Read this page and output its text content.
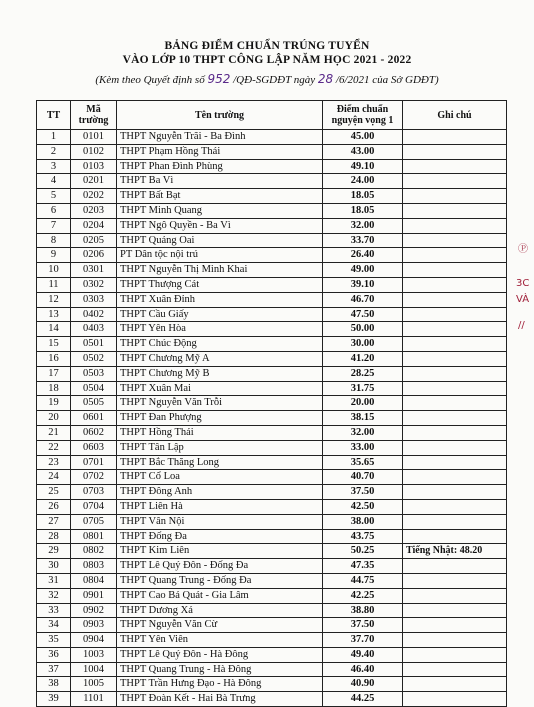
BẢNG ĐIỂM CHUẨN TRÚNG TUYỂN
VÀO LỚP 10 THPT CÔNG LẬP NĂM HỌC 2021 - 2022
(Kèm theo Quyết định số 952 /QĐ-SGDĐT ngày 28 /6/2021 của Sở GDĐT)
TT	Mã trường	Tên trường	Điểm chuẩn nguyện vọng 1	Ghi chú
1	0101	THPT Nguyễn Trãi - Ba Đình	45.00	
2	0102	THPT Phạm Hồng Thái	43.00	
3	0103	THPT Phan Đình Phùng	49.10	
4	0201	THPT Ba Vì	24.00	
5	0202	THPT Bất Bạt	18.05	
6	0203	THPT Minh Quang	18.05	
7	0204	THPT Ngô Quyền - Ba Vì	32.00	
8	0205	THPT Quảng Oai	33.70	
9	0206	PT Dân tộc nội trú	26.40	
10	0301	THPT Nguyễn Thị Minh Khai	49.00	
11	0302	THPT Thượng Cát	39.10	
12	0303	THPT Xuân Đỉnh	46.70	
13	0402	THPT Cầu Giấy	47.50	
14	0403	THPT Yên Hòa	50.00	
15	0501	THPT Chúc Động	30.00	
16	0502	THPT Chương Mỹ A	41.20	
17	0503	THPT Chương Mỹ B	28.25	
18	0504	THPT Xuân Mai	31.75	
19	0505	THPT Nguyễn Văn Trỗi	20.00	
20	0601	THPT Đan Phượng	38.15	
21	0602	THPT Hồng Thái	32.00	
22	0603	THPT Tân Lập	33.00	
23	0701	THPT Bắc Thăng Long	35.65	
24	0702	THPT Cổ Loa	40.70	
25	0703	THPT Đông Anh	37.50	
26	0704	THPT Liên Hà	42.50	
27	0705	THPT Vân Nội	38.00	
28	0801	THPT Đống Đa	43.75	
29	0802	THPT Kim Liên	50.25	Tiếng Nhật: 48.20
30	0803	THPT Lê Quý Đôn - Đống Đa	47.35	
31	0804	THPT Quang Trung - Đống Đa	44.75	
32	0901	THPT Cao Bá Quát - Gia Lâm	42.25	
33	0902	THPT Dương Xá	38.80	
34	0903	THPT Nguyễn Văn Cừ	37.50	
35	0904	THPT Yên Viên	37.70	
36	1003	THPT Lê Quý Đôn - Hà Đông	49.40	
37	1004	THPT Quang Trung - Hà Đông	46.40	
38	1005	THPT Trần Hưng Đạo - Hà Đông	40.90	
39	1101	THPT Đoàn Kết - Hai Bà Trưng	44.25	
Ⓟ
3C
VÀ
//
